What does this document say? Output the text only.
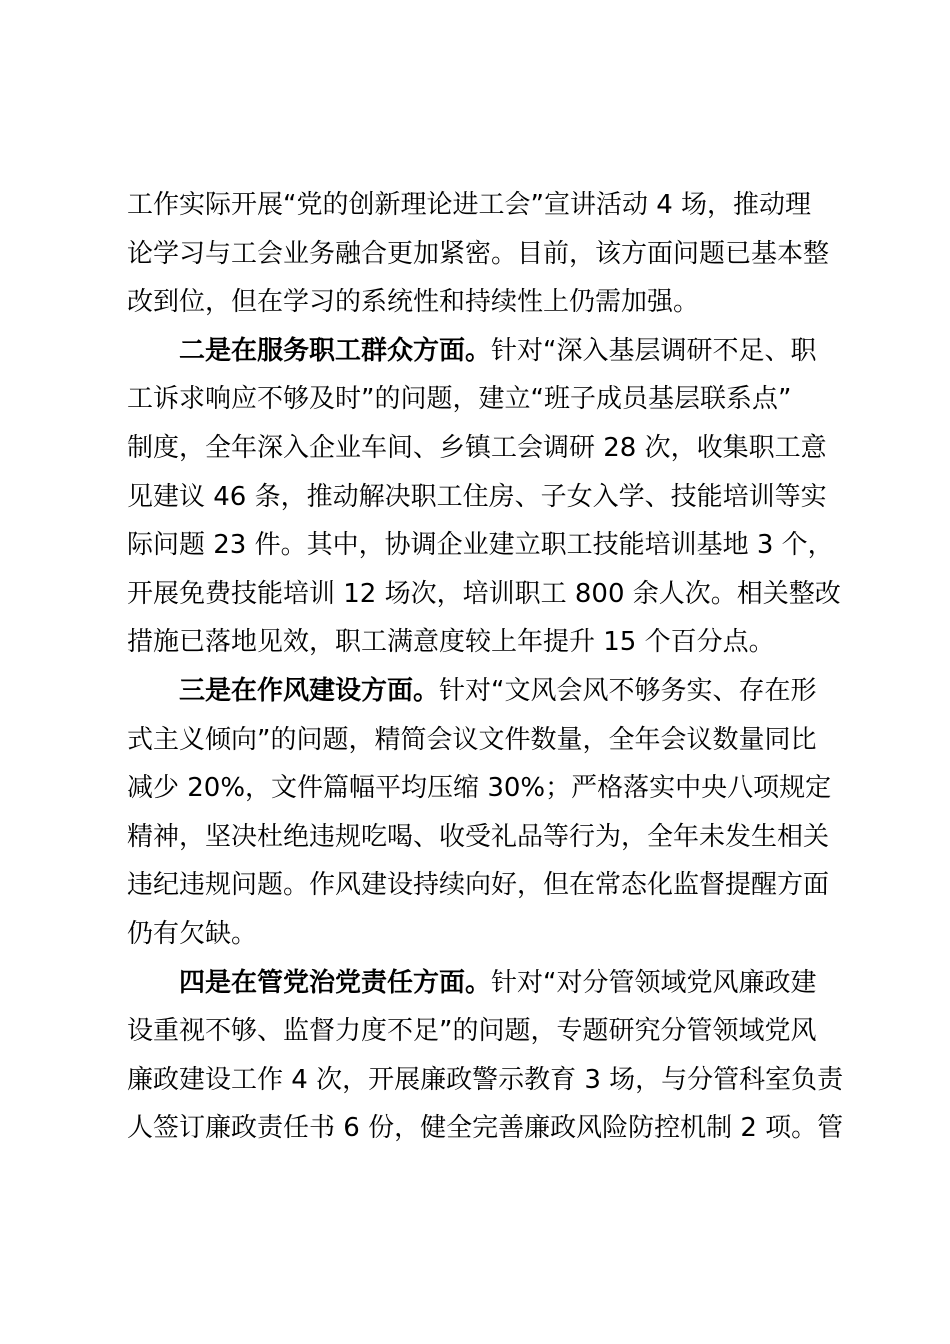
工作实际开展“党的创新理论进工会”宣讲活动 4 场，推动理
论学习与工会业务融合更加紧密。目前，该方面问题已基本整
改到位，但在学习的系统性和持续性上仍需加强。
二是在服务职工群众方面。针对“深入基层调研不足、职
工诉求响应不够及时”的问题，建立“班子成员基层联系点”
制度，全年深入企业车间、乡镇工会调研 28 次，收集职工意
见建议 46 条，推动解决职工住房、子女入学、技能培训等实
际问题 23 件。其中，协调企业建立职工技能培训基地 3 个，
开展免费技能培训 12 场次，培训职工 800 余人次。相关整改
措施已落地见效，职工满意度较上年提升 15 个百分点。
三是在作风建设方面。针对“文风会风不够务实、存在形
式主义倾向”的问题，精简会议文件数量，全年会议数量同比
减少 20%，文件篇幅平均压缩 30%；严格落实中央八项规定
精神，坚决杜绝违规吃喝、收受礼品等行为，全年未发生相关
违纪违规问题。作风建设持续向好，但在常态化监督提醒方面
仍有欠缺。
四是在管党治党责任方面。针对“对分管领域党风廉政建
设重视不够、监督力度不足”的问题，专题研究分管领域党风
廉政建设工作 4 次，开展廉政警示教育 3 场，与分管科室负责
人签订廉政责任书 6 份，健全完善廉政风险防控机制 2 项。管
